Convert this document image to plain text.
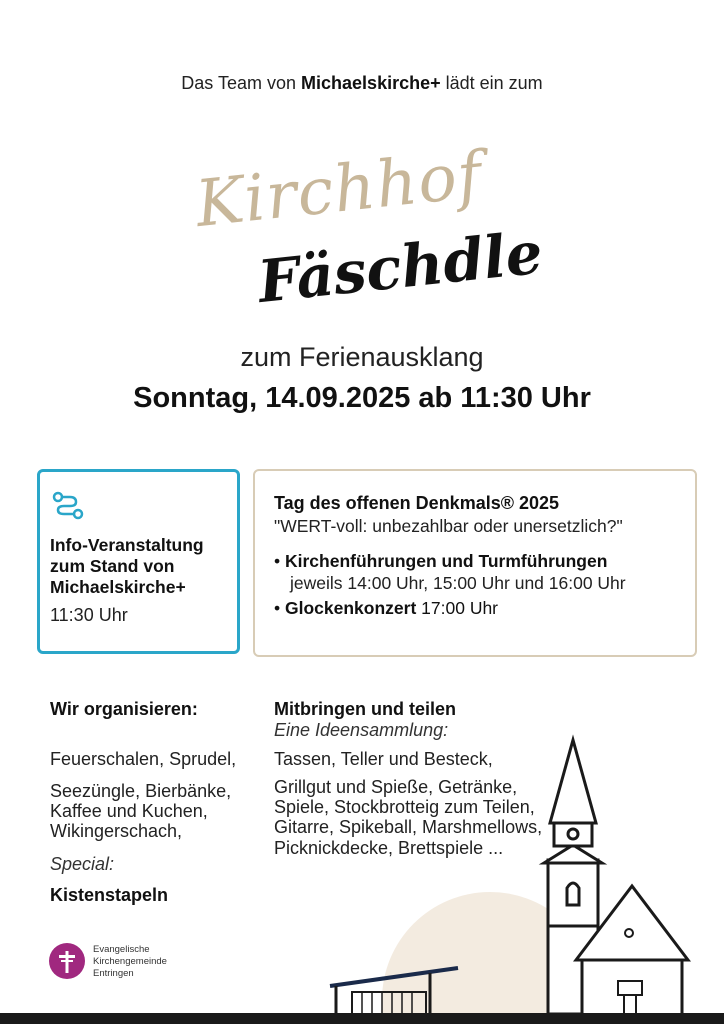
Das Team von Michaelskirche+ lädt ein zum
Kirchhof
Fäschdle
zum Ferienausklang
Sonntag, 14.09.2025 ab 11:30 Uhr
Info-Veranstaltung zum Stand von Michaelskirche+
11:30 Uhr
Tag des offenen Denkmals® 2025
"WERT-voll: unbezahlbar oder unersetzlich?"
• Kirchenführungen und Turmführungen
jeweils 14:00 Uhr, 15:00 Uhr und 16:00 Uhr
• Glockenkonzert 17:00 Uhr
Wir organisieren:
Feuerschalen, Sprudel,
Seezüngle, Bierbänke, Kaffee und Kuchen, Wikingerschach,
Special:
Kistenstapeln
Mitbringen und teilen
Eine Ideensammlung:
Tassen, Teller und Besteck,
Grillgut und Spieße, Getränke, Spiele, Stockbrotteig zum Teilen, Gitarre, Spikeball, Marshmellows, Picknickdecke, Brettspiele ...
Evangelische
Kirchengemeinde
Entringen
